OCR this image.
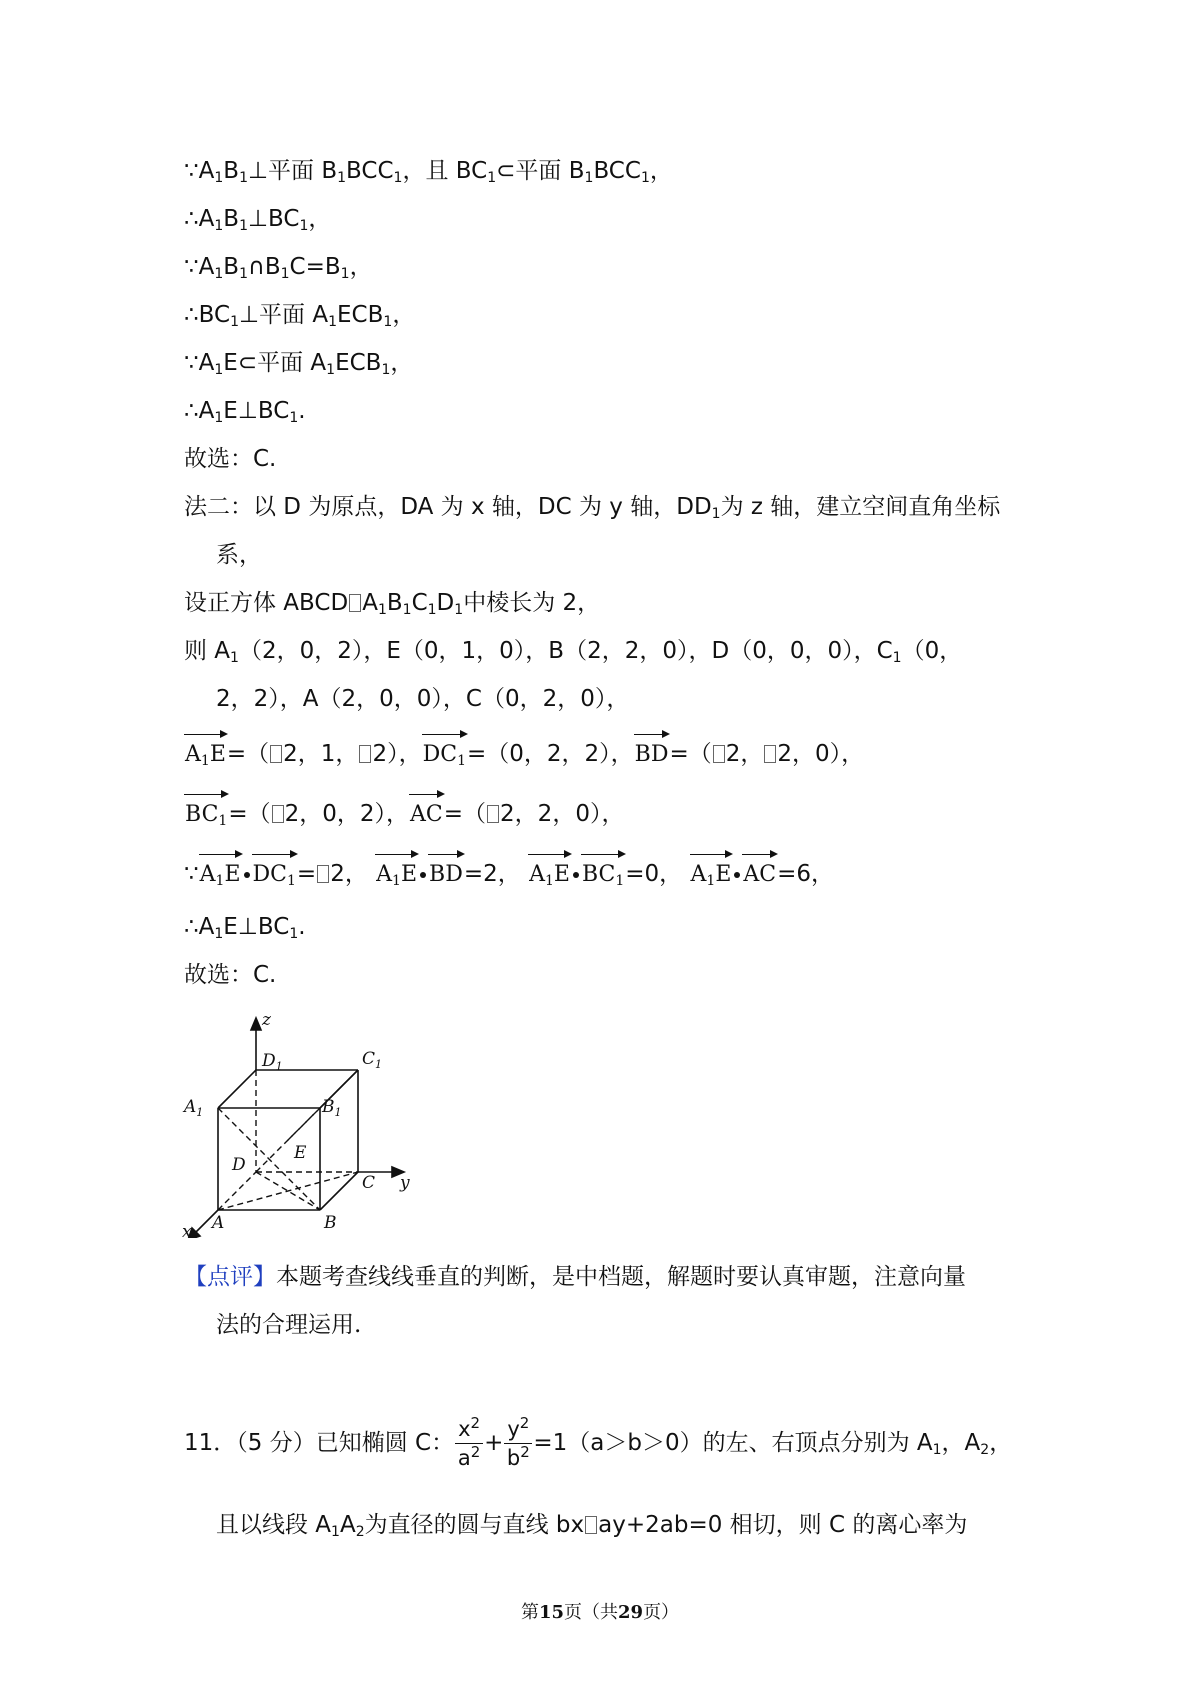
$\because A_1B_1\perp$平面 $B_1BCC_1$，且 $BC_1\subset$平面 $B_1BCC_1$，
$\therefore A_1B_1\perp BC_1$，
$\because A_1B_1\cap B_1C=B_1$，
$\therefore BC_1\perp$平面 $A_1ECB_1$，
$\because A_1E\subset$平面 $A_1ECB_1$，
$\therefore A_1E\perp BC_1$.
故选：C.
法二：以 D 为原点，DA 为 x 轴，DC 为 y 轴，$DD_1$为 z 轴，建立空间直角坐标
系，
设正方体 ABCD $A_1B_1C_1D_1$中棱长为 2，
则 $A_1(2$，0，2），E（0，1，0），B（2，2，0），D（0，0，0），$C_1(0$，
2，2），A（2，0，0），C（0，2，0），
$A_1E=$（ 2，1， 2），$DC_1=(0$，2，2），BD=（ 2， 2，0），
$BC_1=$（ 2，0，2），AC=（ 2，2，0），
$\because A_1E$ $DC_1= 2$， $A_1E$ BD=2， $A_1E$ $BC_1=0$， $A_1E$ AC=6，
$\therefore A_1E\perp BC_1$.
故选：C.
z
y
x
$D_1$	$C_1$
$A_1$	$B_1$
D
E
C
A	B
【点评】本题考查线线垂直的判断，是中档题，解题时要认真审题，注意向量
法的合理运用.
11．（5 分）已知椭圆 C： $\frac{x^2}{a^2} + \frac{y^2}{b^2} =1(a>b>0)$的左、右顶点分别为 $A_1$，$A_2$，
且以线段 $A_1A_2$为直径的圆与直线 bx ay+2ab=0 相切，则 C 的离心率为
第15页（共29页）
